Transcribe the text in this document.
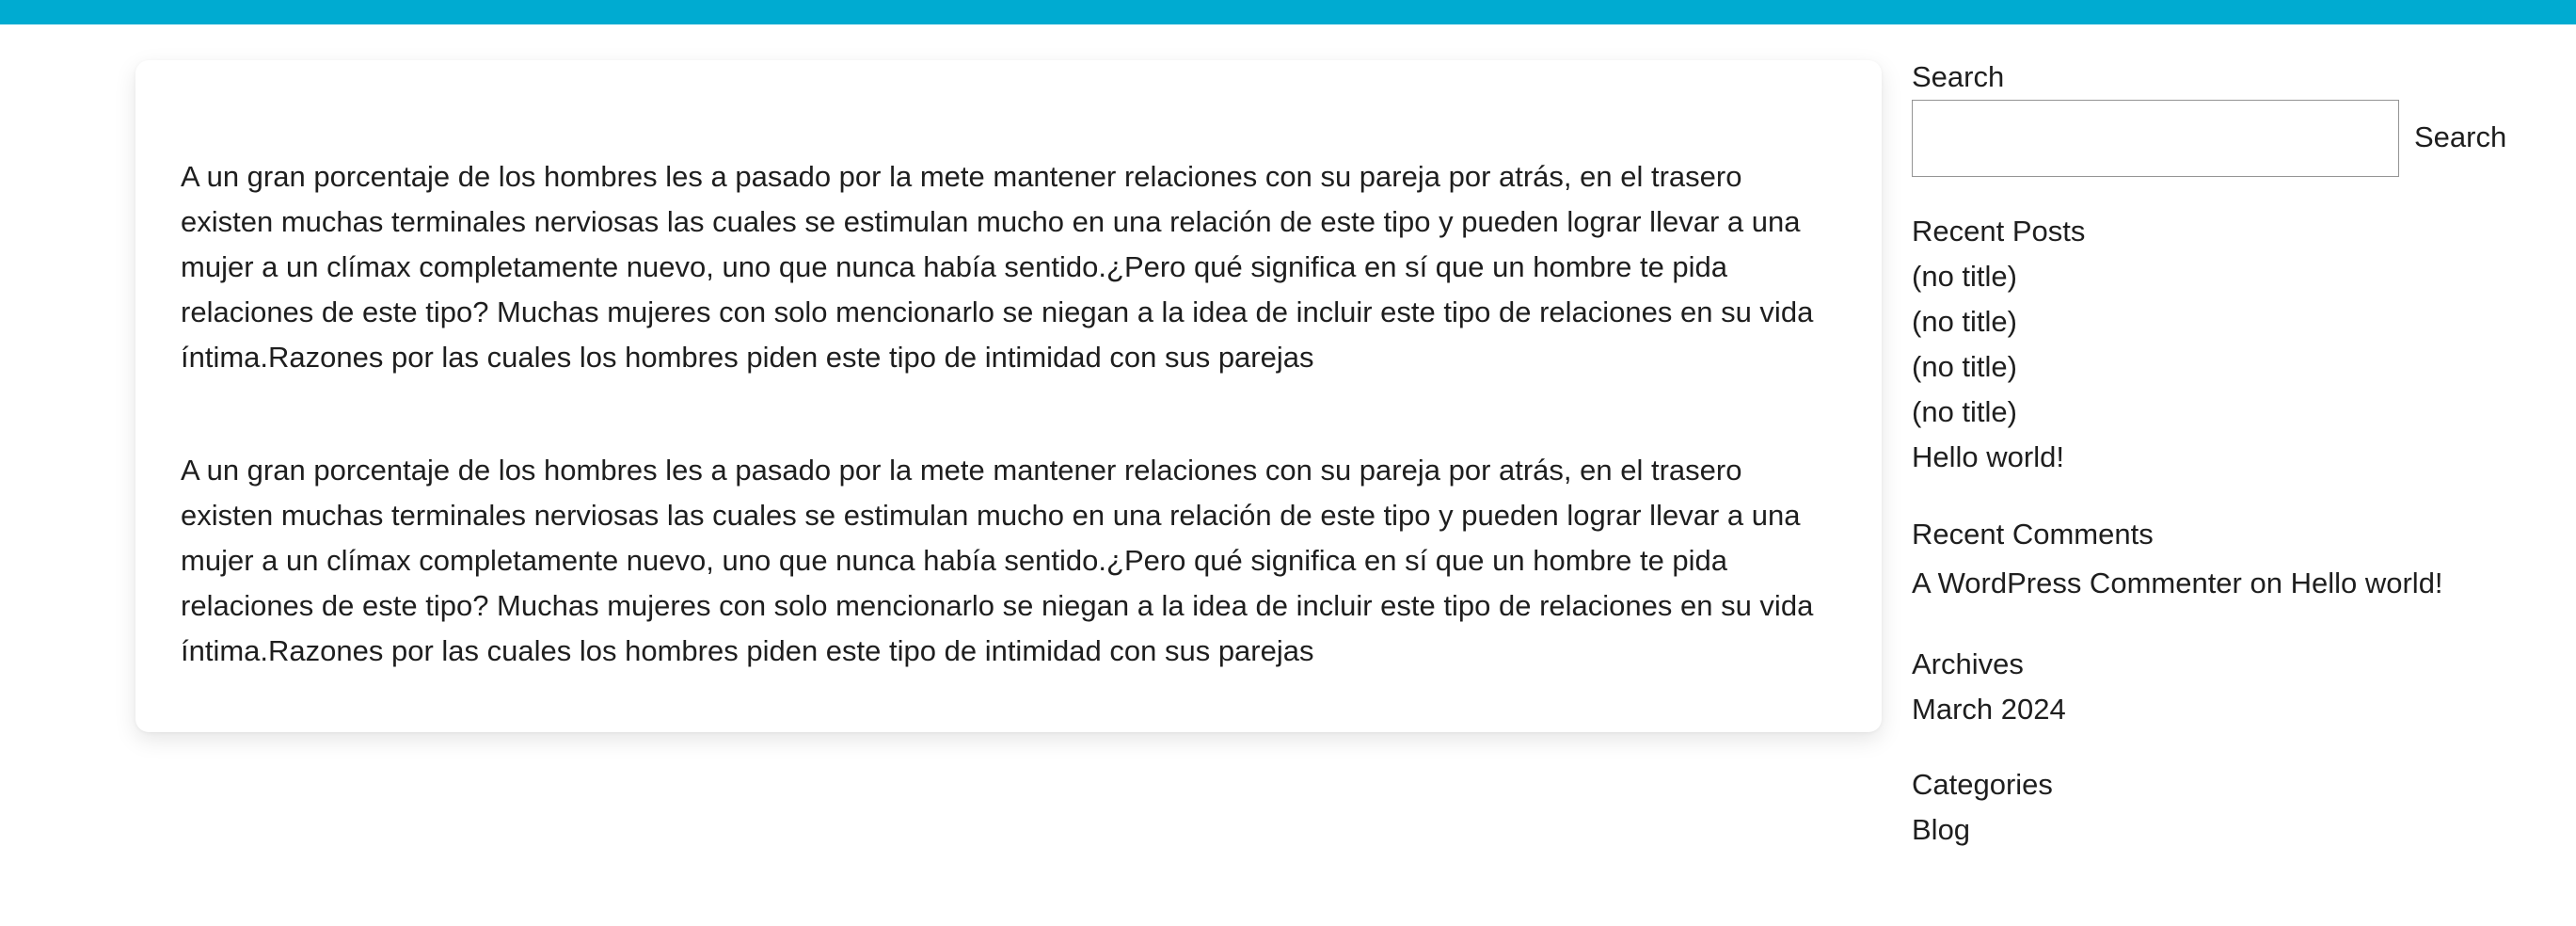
A un gran porcentaje de los hombres les a pasado por la mete mantener relaciones con su pareja por atrás, en el trasero existen muchas terminales nerviosas las cuales se estimulan mucho en una relación de este tipo y pueden lograr llevar a una mujer a un clímax completamente nuevo, uno que nunca había sentido.¿Pero qué significa en sí que un hombre te pida relaciones de este tipo? Muchas mujeres con solo mencionarlo se niegan a la idea de incluir este tipo de relaciones en su vida íntima.Razones por las cuales los hombres piden este tipo de intimidad con sus parejas

A un gran porcentaje de los hombres les a pasado por la mete mantener relaciones con su pareja por atrás, en el trasero existen muchas terminales nerviosas las cuales se estimulan mucho en una relación de este tipo y pueden lograr llevar a una mujer a un clímax completamente nuevo, uno que nunca había sentido.¿Pero qué significa en sí que un hombre te pida relaciones de este tipo? Muchas mujeres con solo mencionarlo se niegan a la idea de incluir este tipo de relaciones en su vida íntima.Razones por las cuales los hombres piden este tipo de intimidad con sus parejas

Search
Search
Recent Posts
(no title)
(no title)
(no title)
(no title)
Hello world!
Recent Comments
A WordPress Commenter on Hello world!
Archives
March 2024
Categories
Blog
